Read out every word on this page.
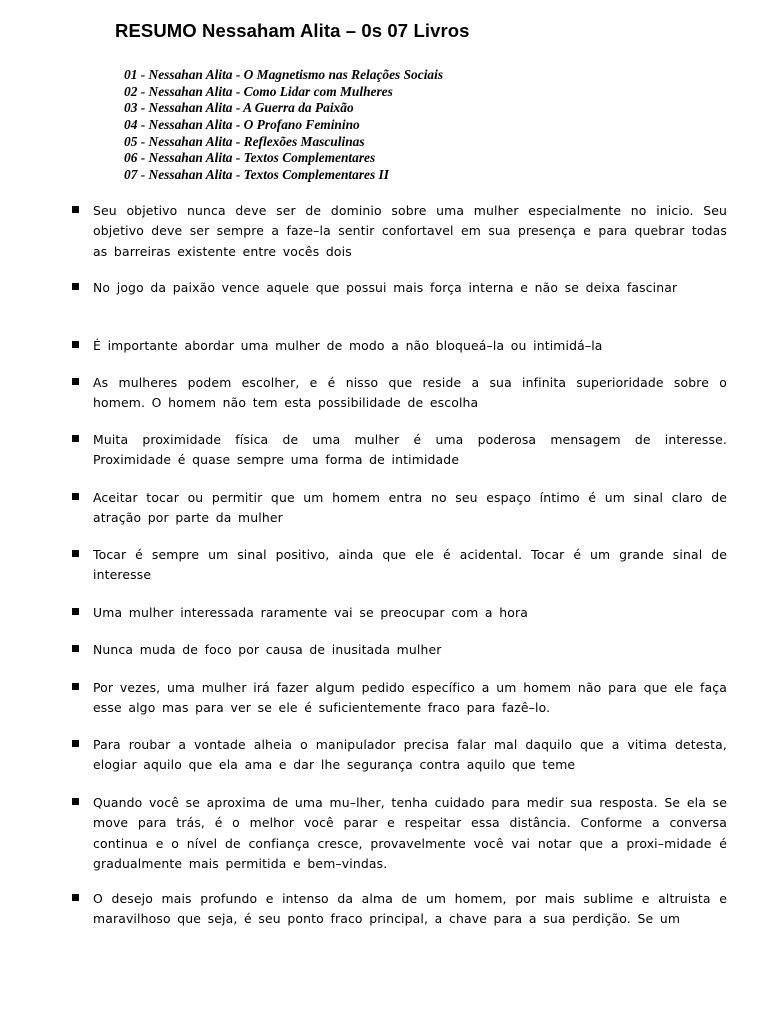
RESUMO Nessaham Alita – 0s 07 Livros
01 - Nessahan Alita - O Magnetismo nas Relações Sociais
02 - Nessahan Alita - Como Lidar com Mulheres
03 - Nessahan Alita - A Guerra da Paixão
04 - Nessahan Alita - O Profano Feminino
05 - Nessahan Alita - Reflexões Masculinas
06 - Nessahan Alita - Textos Complementares
07 - Nessahan Alita - Textos Complementares II
Seu objetivo nunca deve ser de dominio sobre uma mulher especialmente no inicio. Seu objetivo deve ser sempre a faze–la sentir confortavel em sua presença e para quebrar todas as barreiras existente entre vocês dois
No jogo da paixão vence aquele que possui mais força interna e não se deixa fascinar
É importante abordar uma mulher de modo a não bloqueá–la ou intimidá–la
As mulheres podem escolher, e é nisso que reside a sua infinita superioridade sobre o homem. O homem não tem esta possibilidade de escolha
Muita proximidade física de uma mulher é uma poderosa mensagem de interesse. Proximidade é quase sempre uma forma de intimidade
Aceitar tocar ou permitir que um homem entra no seu espaço íntimo é um sinal claro de atração por parte da mulher
Tocar é sempre um sinal positivo, ainda que ele é acidental. Tocar é um grande sinal de interesse
Uma mulher interessada raramente vai se preocupar com a hora
Nunca muda de foco por causa de inusitada mulher
Por vezes, uma mulher irá fazer algum pedido específico a um homem não para que ele faça esse algo mas para ver se ele é suficientemente fraco para fazê–lo.
Para roubar a vontade alheia o manipulador precisa falar mal daquilo que a vitima detesta, elogiar aquilo que ela ama e dar lhe segurança contra aquilo que teme
Quando você se aproxima de uma mu–lher, tenha cuidado para medir sua resposta. Se ela se move para trás, é o melhor você parar e respeitar essa distância. Conforme a conversa continua e o nível de confiança cresce, provavelmente você vai notar que a proxi–midade é gradualmente mais permitida e bem–vindas.
O desejo mais profundo e intenso da alma de um homem, por mais sublime e altruista e maravilhoso que seja, é seu ponto fraco principal, a chave para a sua perdição. Se um
